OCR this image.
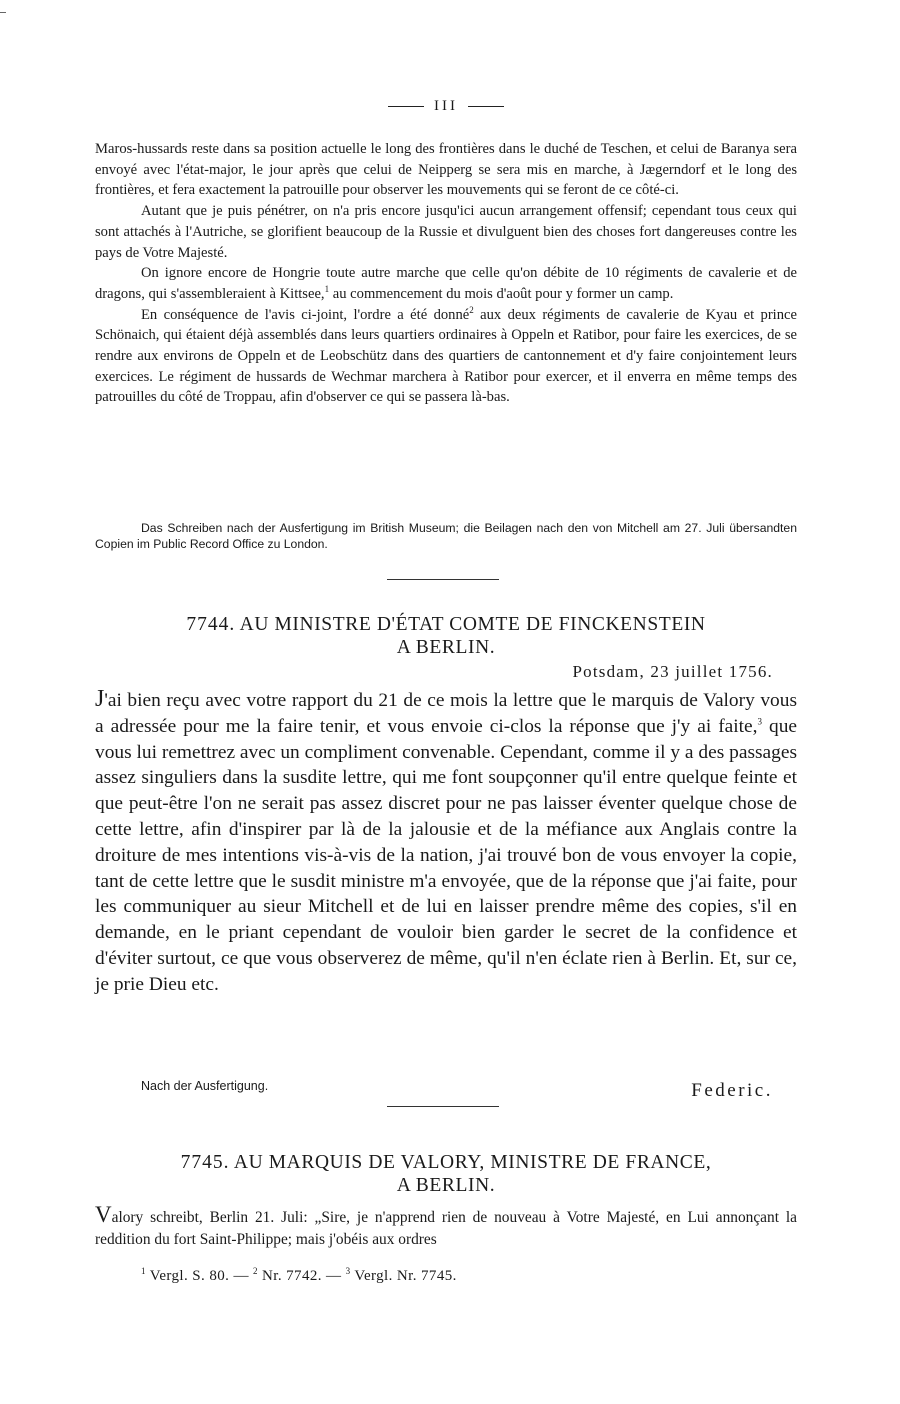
III

Maros-hussards reste dans sa position actuelle le long des frontières dans le duché de Teschen, et celui de Baranya sera envoyé avec l'état-major, le jour après que celui de Neipperg se sera mis en marche, à Jægerndorf et le long des frontières, et fera exactement la patrouille pour observer les mouvements qui se feront de ce côté-ci.

Autant que je puis pénétrer, on n'a pris encore jusqu'ici aucun arrangement offensif; cependant tous ceux qui sont attachés à l'Autriche, se glorifient beaucoup de la Russie et divulguent bien des choses fort dangereuses contre les pays de Votre Majesté.

On ignore encore de Hongrie toute autre marche que celle qu'on débite de 10 régiments de cavalerie et de dragons, qui s'assembleraient à Kittsee,$^1$ au commencement du mois d'août pour y former un camp.

En conséquence de l'avis ci-joint, l'ordre a été donné$^2$ aux deux régiments de cavalerie de Kyau et prince Schönaich, qui étaient déjà assemblés dans leurs quartiers ordinaires à Oppeln et Ratibor, pour faire les exercices, de se rendre aux environs de Oppeln et de Leobschütz dans des quartiers de cantonnement et d'y faire conjointement leurs exercices. Le régiment de hussards de Wechmar marchera à Ratibor pour exercer, et il enverra en même temps des patrouilles du côté de Troppau, afin d'observer ce qui se passera là-bas.

Das Schreiben nach der Ausfertigung im British Museum; die Beilagen nach den von Mitchell am 27. Juli übersandten Copien im Public Record Office zu London.
7744. AU MINISTRE D'ÉTAT COMTE DE FINCKENSTEIN
A BERLIN.
Potsdam, 23 juillet 1756.
J'ai bien reçu avec votre rapport du 21 de ce mois la lettre que le marquis de Valory vous a adressée pour me la faire tenir, et vous envoie ci-clos la réponse que j'y ai faite,$^3$ que vous lui remettrez avec un compliment convenable. Cependant, comme il y a des passages assez singuliers dans la susdite lettre, qui me font soupçonner qu'il entre quelque feinte et que peut-être l'on ne serait pas assez discret pour ne pas laisser éventer quelque chose de cette lettre, afin d'inspirer par là de la jalousie et de la méfiance aux Anglais contre la droiture de mes intentions vis-à-vis de la nation, j'ai trouvé bon de vous envoyer la copie, tant de cette lettre que le susdit ministre m'a envoyée, que de la réponse que j'ai faite, pour les communiquer au sieur Mitchell et de lui en laisser prendre même des copies, s'il en demande, en le priant cependant de vouloir bien garder le secret de la confidence et d'éviter surtout, ce que vous observerez de même, qu'il n'en éclate rien à Berlin. Et, sur ce, je prie Dieu etc.
Nach der Ausfertigung.	Federic.
7745. AU MARQUIS DE VALORY, MINISTRE DE FRANCE,
A BERLIN.
Valory schreibt, Berlin 21. Juli: „Sire, je n'apprend rien de nouveau à Votre Majesté, en Lui annonçant la reddition du fort Saint-Philippe; mais j'obéis aux ordres
$^1$ Vergl. S. 80. — $^2$ Nr. 7742. — $^3$ Vergl. Nr. 7745.
